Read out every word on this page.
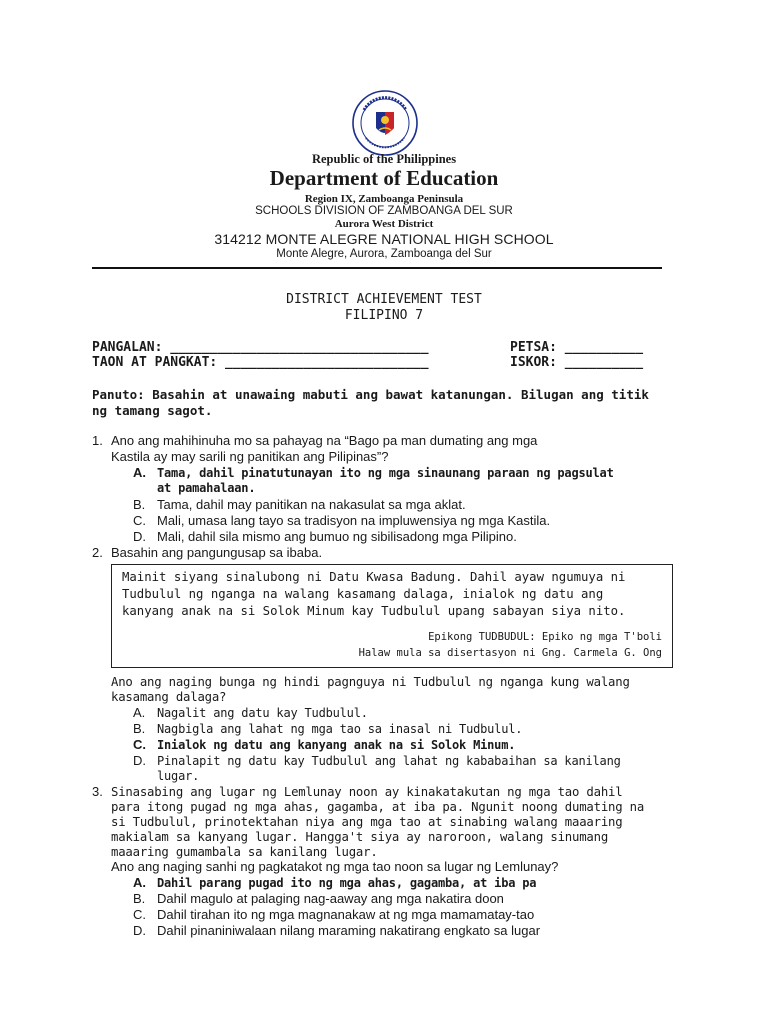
Republic of the Philippines
Department of Education
Region IX, Zamboanga Peninsula
SCHOOLS DIVISION OF ZAMBOANGA DEL SUR
Aurora West District
314212 MONTE ALEGRE NATIONAL HIGH SCHOOL
Monte Alegre, Aurora, Zamboanga del Sur
DISTRICT ACHIEVEMENT TEST
FILIPINO 7
PANGALAN: _________________________________	PETSA: __________
TAON AT PANGKAT: __________________________	ISKOR: __________
Panuto: Basahin at unawaing mabuti ang bawat katanungan. Bilugan ang titik
ng tamang sagot.
1. Ano ang mahihinuha mo sa pahayag na “Bago pa man dumating ang mga
Kastila ay may sarili ng panitikan ang Pilipinas”?
A. Tama, dahil pinatutunayan ito ng mga sinaunang paraan ng pagsulat
at pamahalaan.
B. Tama, dahil may panitikan na nakasulat sa mga aklat.
C. Mali, umasa lang tayo sa tradisyon na impluwensiya ng mga Kastila.
D. Mali, dahil sila mismo ang bumuo ng sibilisadong mga Pilipino.
2. Basahin ang pangungusap sa ibaba.
Mainit siyang sinalubong ni Datu Kwasa Badung. Dahil ayaw ngumuya ni
Tudbulul ng nganga na walang kasamang dalaga, inialok ng datu ang
kanyang anak na si Solok Minum kay Tudbulul upang sabayan siya nito.
Epikong TUDBUDUL: Epiko ng mga T'boli
Halaw mula sa disertasyon ni Gng. Carmela G. Ong
Ano ang naging bunga ng hindi pagnguya ni Tudbulul ng nganga kung walang
kasamang dalaga?
A. Nagalit ang datu kay Tudbulul.
B. Nagbigla ang lahat ng mga tao sa inasal ni Tudbulul.
C. Inialok ng datu ang kanyang anak na si Solok Minum.
D. Pinalapit ng datu kay Tudbulul ang lahat ng kababaihan sa kanilang
lugar.
3. Sinasabing ang lugar ng Lemlunay noon ay kinakatakutan ng mga tao dahil
para itong pugad ng mga ahas, gagamba, at iba pa. Ngunit noong dumating na
si Tudbulul, prinotektahan niya ang mga tao at sinabing walang maaaring
makialam sa kanyang lugar. Hangga't siya ay naroroon, walang sinumang
maaaring gumambala sa kanilang lugar.
Ano ang naging sanhi ng pagkatakot ng mga tao noon sa lugar ng Lemlunay?
A. Dahil parang pugad ito ng mga ahas, gagamba, at iba pa
B. Dahil magulo at palaging nag-aaway ang mga nakatira doon
C. Dahil tirahan ito ng mga magnanakaw at ng mga mamamatay-tao
D. Dahil pinaniniwalaan nilang maraming nakatirang engkato sa lugar
